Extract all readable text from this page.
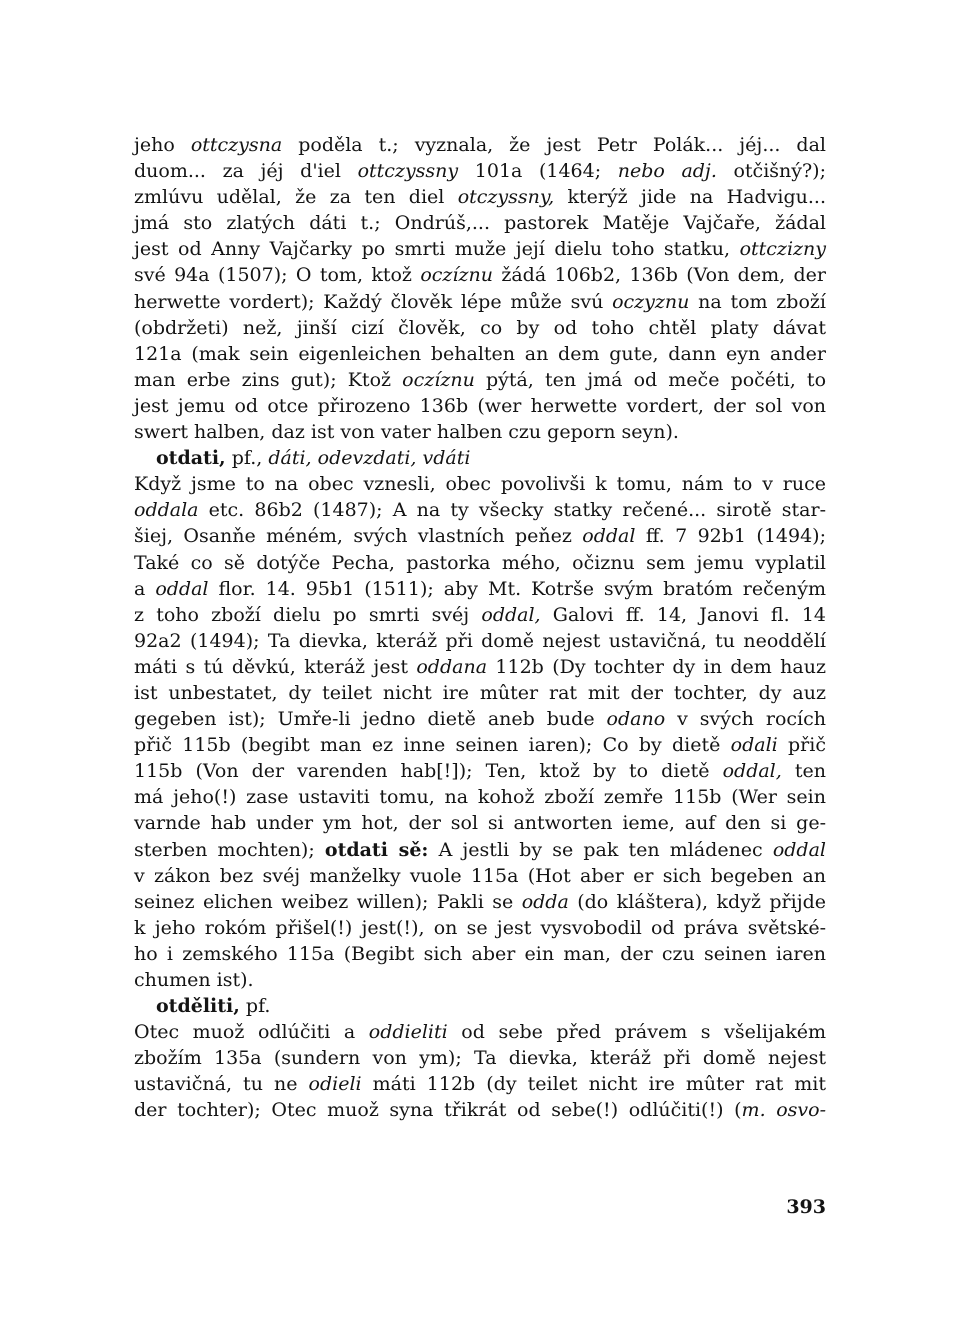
jeho ottczysna poděla t.; vyznala, že jest Petr Polák... jéj... dal
duom... za jéj d'iel ottczyssny 101a (1464; nebo adj. otčišný?);
zmlúvu udělal, že za ten diel otczyssny, kterýž jide na Hadvigu...
jmá sto zlatých dáti t.; Ondrúš,... pastorek Matěje Vajčaře, žádal
jest od Anny Vajčarky po smrti muže její dielu toho statku, ottczizny
své 94a (1507); O tom, ktož oczíznu žádá 106b2, 136b (Von dem, der
herwette vordert); Každý člověk lépe může svú oczyznu na tom zboží
(obdržeti) než, jinší cizí člověk, co by od toho chtěl platy dávat
121a (mak sein eigenleichen behalten an dem gute, dann eyn ander
man erbe zins gut); Ktož oczíznu pýtá, ten jmá od meče počéti, to
jest jemu od otce přirozeno 136b (wer herwette vordert, der sol von
swert halben, daz ist von vater halben czu geporn seyn).
otdati, pf., dáti, odevzdati, vdáti
Když jsme to na obec vznesli, obec povolivši k tomu, nám to v ruce
oddala etc. 86b2 (1487); A na ty všecky statky rečené... sirotě star-
šiej, Osanňe méném, svých vlastních peňez oddal ff. 7 92b1 (1494);
Také co sě dotýče Pecha, pastorka mého, očiznu sem jemu vyplatil
a oddal flor. 14. 95b1 (1511); aby Mt. Kotrše svým bratóm rečeným
z toho zboží dielu po smrti svéj oddal, Galovi ff. 14, Janovi fl. 14
92a2 (1494); Ta dievka, kteráž při domě nejest ustavičná, tu neoddělí
máti s tú děvkú, kteráž jest oddana 112b (Dy tochter dy in dem hauz
ist unbestatet, dy teilet nicht ire mûter rat mit der tochter, dy auz
gegeben ist); Umře-li jedno dietě aneb bude odano v svých rocích
přič 115b (begibt man ez inne seinen iaren); Co by dietě odali přič
115b (Von der varenden hab[!]); Ten, ktož by to dietě oddal, ten
má jeho(!) zase ustaviti tomu, na kohož zboží zemře 115b (Wer sein
varnde hab under ym hot, der sol si antworten ieme, auf den si ge-
sterben mochten); otdati sě: A jestli by se pak ten mládenec oddal
v zákon bez svéj manželky vuole 115a (Hot aber er sich begeben an
seinez elichen weibez willen); Pakli se odda (do kláštera), když přijde
k jeho rokóm přišel(!) jest(!), on se jest vysvobodil od práva světské-
ho i zemského 115a (Begibt sich aber ein man, der czu seinen iaren
chumen ist).
otděliti, pf.
Otec muož odlúčiti a oddieliti od sebe před právem s všelijakém
zbožím 135a (sundern von ym); Ta dievka, kteráž při domě nejest
ustavičná, tu ne odieli máti 112b (dy teilet nicht ire mûter rat mit
der tochter); Otec muož syna třikrát od sebe(!) odlúčiti(!) (m. osvo-
393
